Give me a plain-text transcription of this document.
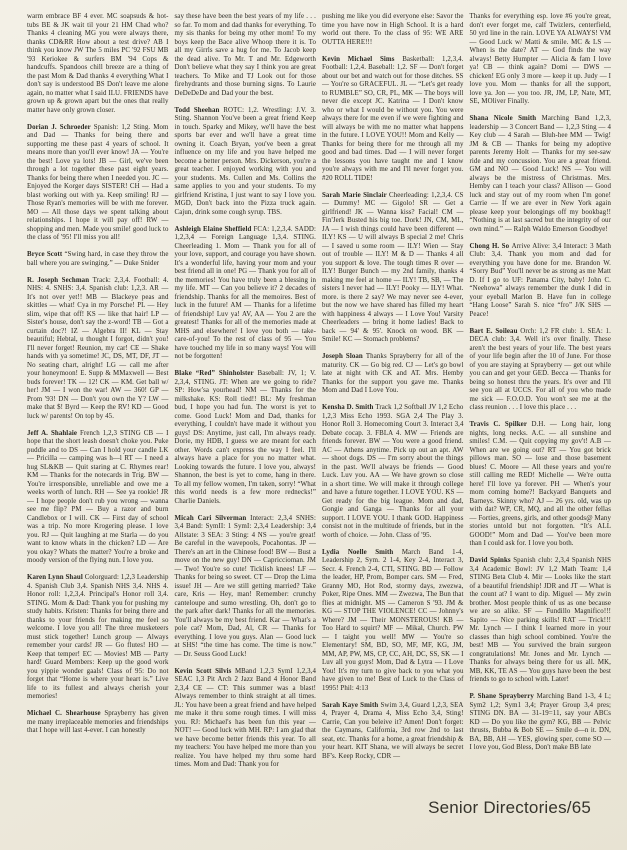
warm embrace BF 4 ever. MC soapsuds & hot-tubs BE & JK wait til your 21 HM Chad who? Thanks 4 cleaning MG you were always there, thanks CD&RR How about a test drive? AB I think you know JW The 5 miles PC '92 FSU MB '93 Keriokee & surfers BM '94 Cops & handcuffs. Spandoos chill breeze are a thing of the past Mom & Dad thanks 4 everything What I don't say is understood BS Don't leave me alone again, no matter what I said ILU. FRIENDS have grown up & grown apart but the ones that really matter have only grown closer.
Dorian J. Schroeder Spanish: 1,2 Sting. Mom and Dad — Thanks for being there and supporting me these past 4 years of school. It means more than you'll ever know! JA — You're the best! Love ya lots! JB — Girl, we've been through a lot together these past eight years. Thanks for being there when I needed you. JC — Enjoyed the Korger days SISTER! CH — Had a blast working out with ya. Keep smiling! RJ — Those Ryan's memories will be with me forever. MO — All those days we spent talking about relationships. I hope it will pay off! RW — shopping and men. Made you smile! good luck to the class of '95! I'll miss you all!
Bryce Scott “Swing hard, in case they throw the ball where you are swinging.” — Duke Snider
R. Joseph Sechman Track: 2,3,4. Football: 4. NHS: 4. SNHS: 3,4. Spanish club: 1,2,3. AR — It's not over yet!! MB — Blackeye peas and skittles — what! Cya in my Porsche! PL — Hey slim, wipe that off! KS — like that hair! LP — Sister's house, don't say the z-word! TB — Got a curtain doc?! IZ — Algebra II! KL — Stay beautiful; Hebtal, u thought I forgot, didn't you! I'll never forget! Reunion, my car! CE — Shake hands with ya sometime! JC, DS, MT, DF, JT — No seating chart, alright! LG — call me after your honeymoon! E. Supp & MMaxwell — Best buds forever! TK — 12! CK — KM. Get ball w/ her! JM — I won the war! AW — 360! GP — Prom '93! DN — Don't you own the Y? LW — make that $! Byrd — Keep the RV! KD — Good luck w/ parents! On top by 45.
Jeff A. Shahlaie French 1,2,3 STING CB — I hope that the short leash doesn't choke you. Puke puddle and to DS — Can I hold your candle LK — Pricilla — camping was h—l RT — I need a hug SL&KB — Quit staring at C. Rhymes rear! KM — Thanks for the notecards in Trig. BW — You're irresponsible, unreliable and owe me a weeks worth of lunch. RH — See ya rookie! JR — I hope people don't rub you wrong — wanna see me flip? PM — Buy a razor and burn Candlebox or I will. CK — First day of school was a trip. No more Krogering please. I love you. RJ — Quit laughing at me Starla — do you want to know whats in the chicken? LD — Are you okay? Whats the matter? You're a broke and moody version of the flying nun. I love you.
Karen Lynn Shaul Colorguard: 1,2,3 Leadership 4. Spanish Club 3,4. Spanish NHS 3,4. NHS 4. Honor roll: 1,2,3,4. Principal's Honor roll 3,4. STING. Mom & Dad: Thank you for pushing my study habits. Kristen: Thanks for being there and thanks to your friends for making me feel so welcome. I love you all! The three musketeers must stick together! Lunch group — Always remember your cards! JR — Go flutes! HO — Keep that temper! EC — Movies! MB — Party hard! Guard Members: Keep up the good work you yippie wonder gaals! Class of 95: Do not forget that “Home is where your heart is.” Live life to its fullest and always cherish your memories!
Michael C. Shearhouse Sprayberry has given me many irreplaceable memories and friendships that I hope will last 4-ever. I can honestly
say these have been the best years of my life . . . so far. To mom and dad thanks for everything. To my sis thanks for being my other mom! To my boys keep the Bace alive Whoop there it is. To all my Girrls save a hug for me. To Jacob keep the dead alive. To Mr. T and Mr. Edgeworth Don't believe what they say I think you are great teachers. To Mike and TJ Look out for those firehydrants and those burning signs. To Laurie DeDeDeDe and Dad your the best.
Todd Sheehan ROTC: 1,2. Wrestling: J.V. 3. Sting. Shannon You've been a great friend Keep in touch. Sparky and Mikey, we'll have the best sports bar ever and we'll have a great time owning it. Coach Bryan, you've been a great influence on my life and you have helped me become a better person. Mrs. Dickerson, you're a great teacher. I enjoyed working with you and your students. Ms. Cullen and Ms. Collins the same applies to you and your students. To my girlfriend Kristina, I just want to say I love you. MGD, Don't back into the Pizza truck again. Cajun, drink some cough syrup. TBS.
Ashleigh Elaine Sheffield FCA: 1,2,3,4. SADD: 1,2,3,4 — Foreign Language 1,3,4. STING. Cheerleading 1. Mom — Thank you for all of your love, support, and courage you have shown. It's a wonderful life, having your mom and your best friend all in one! PG — Thank you for all of the memories! You have truly been a blessing in my life. MT — Can you believe it? 2 decades of friendship. Thanks for all the memoires. Best of luck in the future! AM — Thanks for a lifetime of friendship! Luv ya! AV, AA — You 2 are the greatest! Thanks for all of the memories made at MHS and elsewhere! I love you both — take-care-of-you! To the rest of class of 95 — You have touched my life in so many ways! You will not be forgotten!
Blake “Red” Shinholster Baseball: JV, 1; V. 2,3,4, STING. JT: When are we going to ride? SP: How'sa yourhead! NM — Thanks for the milkshake. KS: Roll tied!! BL: My freshman bud, I hope you had fun. The worst is yet to come. Good Luck! Mom and Dad, thanks for everything, I couldn't have made it without you guys! DS: Anytime, just call, I'm always ready. Dorie, my HDB, I guess we are meant for each other. Words can't express the way I feel. I'll always have a place for you no matter what. Looking towards the future. I love you, always! Shannon, the best is yet to come, hang in there. To all my fellow women, I'm taken, sorry! “What this world needs is a few more rednecks!” Charlie Daniels.
Micah Cari Silverman Interact: 2,3,4 SNHS: 3,4 Band: SymII: 1 SymI: 2,3,4 Leadership: 3,4 Allstate: 3 SEA: 3 Sting: 4 NS — you're great! Be careful in the wavepools, Pocahontas. JP — There's an art in the Chinese food! BW — Bust a move on the new guy! DN — Capriccioman. JM — Two! You're so cute! Ticklish knees! LF — Thanks for being so sweet. CT — Drop the Lima issue! JH — Are we still getting married? Take care, Kris — Hey, man! Remember: crunchy canteloupe and sumo wrestling. Oh, don't go to the park after dark! Thanks for all the memories. You'll always be my best friend. Kar — What's a pole cat? Mom, Dad, Al, CR — Thanks for everything. I love you guys. Alan — Good luck at SHS! “the time has come. The time is now.” — Dr. Seuss Good Luck!
Kevin Scott Silvis MBand 1,2,3 SymI 1,2,3,4 SEAC 1,3 Pit Arch 2 Jazz Band 4 Honor Band 2,3,4 CE — CT: This summer was a blast! Always remember to think straight at all times. JL: You have been a great friend and have helped me make it thru some rough times. I will miss you. RJ: Michael's has been fun this year — NOT! — Good luck with MH. RP: I am glad that we have become better friends this year. To all my teachers: You have helped me more than you realize. You have helped my thru some hard times. Mom and Dad: Thank you for
pushing me like you did everyone else: Savor the time you have now in High School. It is a hard world out there. To the class of 95: WE ARE OUTTA HERE!!!
Kevin Michael Sims Basketball: 1,2,3,4. Football: 1,2,4. Baseball: 1,2. SF — Don't forget about our bet and watch out for those ditches. SS — You're so GRACEFUL. JL — “Let's get ready to RUMBLE” SO, CR, PL, MK — The boys will never die except JC. Katrina — I Don't know who or what I would be without you. You were always there for me even if we were fighting and will always be with me no matter what happens in the future. I LOVE YOU!! Mom and Kelly — Thanks for being there for me through all my good and bad times. Dad — I will never forget the lessons you have taught me and I know you're always with me and I'll never forget you. #20 ROLL TIDE!
Sarah Marie Sinclair Cheerleading: 1,2,3,4. CS — Dummy! MC — Gigolo! SR — Get a girlfriend! JK — Wanna kiss? Facial! CM — Fin'Jerk Busted his big toe. Dork! JN, CM, ML, JA — I wish things could have been different — ILY! KS — U will always B special 2 me! Chris — I saved u some room — ILY! Wien — Stay out of trouble — ILY! M & D — Thanks 4 all you support & love. The tough times R over — ILY! Burger Bunch — my 2nd family, thanks 4 making me feel at home — ILY! TB, SB, — The sisters I never had — ILY! Pooky — ILY! What. more. is there 2 say? We may never see 4-ever, but the now we have shared has filled my heart with happiness 4 always — I Love You! Varsity Cheerleaders — bring it home ladies! Back to back — 94' & 95'. Knock on wood. BK — Smile! KC — Stomach problems?
Joseph Sloan Thanks Sprayberry for all of the maturity. CK — Go big red. CJ — Let's go bowl late at night with CK and AT. Mrs. Hemby Thanks for the support you gave me. Thanks Mom and Dad I Love You.
Kensha D. Smith Track 1,2 Softball JV 1,2 Echo 1,2,3 Miss Echo 1993. SGA 2,4 The Play 3. Honor Roll 3. Homecoming Court 3. Interact 3,4 Debate cocap. 3. FBLA 4. MW — Friends are friends forever. BW — You were a good friend. AC — Athens anytime. Pick up out an apt. AW — shoot dogs. DS — I'm sorry about the things in the past. We'll always be friends — Good Luck. Luv you. AA — We have grown so close in a short time. We will make it through college and have a future together. I LOVE YOU. KS — Get ready for the big league. Mom and dad, Gongie and Ganga — Thanks for all your support. I LOVE YOU. I thank GOD. Happiness consist not in the multitude of friends, but in the worth of choice. — John. Class of '95.
Lydia Noelle Smith March Band 1-4, Leadership 2, Sym. 2 1-4, Key 2-4, Interact 3, Secr. 4. French 2-4, CTI, STING. BD — Follow the leader, HP, Prom, Bomper cars. SM — Fred, Granny MO, Hot Rod, stormy days, zwezwa, Poker, Ripe Ones. MM — Zwezwa, The Bun that flies at midnight. MS — Cameron S '93. JM & KG — STOP THE VIOLENCE! CC — Johnny's Where? JM — Their MONSTEROUS! KB — Too Hard to squirt? MF — Mikal, Church. PW — I taight you well! MW — You're so Elementary! SM, BD, SO, MF, MF, KG, JM, MM, AP, PW, MS, CP, CC, AH, DC, SS, SK — I Luv all you guys! Mom, Dad & Lytra — I Love You! It's my turn to give back to you what you have given to me! Best of Luck to the Class of 1995! Phil: 4:13
Sarah Kaye Smith Swim 3,4, Guard 1,2,3, SEA 4, Prayer 4, Drama 4, Miss Echo 3,4, Sting! Carrie, Can you beleive it? Amen! Don't forget: the Caymans, California, 3rd row 2nd to last seat, etc. Thanks for a home, a great friendship & your heart. KIT Shana, we will always be secret BF's. Keep Rocky, CDR —
Thanks for everything esp. love #6 you're great, don't ever forget me, calf Twizlers, centerfield, 50 yrd line in the rain. LOVE YA ALWAYS! VM — Good Luck w/ Matti & smile. MC & LS — When is the date? AT — God finds the way always! Betty Humpter — Alicia & fam I love ya! CB — think again? Domi — DWS — chicken! EG only 3 more — keep it up. Judy — I love you. Mom — thanks for all the support, love ya. Jon — you too. JR, JM, LP, Nate, MT, SE, MOliver Finally.
Shana Nicole Smith Marching Band 1,2,3, leadership — 3 Concert Band — 1,2,3 Sting — 4 Key club — 4 Sarah — Bluh-hee MM — Twig! JM & CB — Thanks for being my adoptive parents Jeremy Holt — Thanks for my see-saw ride and my concussion. You are a great friend. GM and NO — Good Luck! NS — You will always be the mistress of Christmas. Mrs. Hemby can I teach your class? Allison — Good luck and stay out of my room when I'm gone! Carrie — If we are ever in New York again please keep your belongings off my bookbag!! “Nothing is at last sacred but the integrity of our own mind.” — Ralph Waldo Emerson Goodbye!
Chong H. So Arrive Alive: 3,4 Interact: 3 Math Club: 3,4. Thank you mom and dad for everything you have done for me. Brandon W. “Sorry Bud” You'll never be as strong as me Matt D. If I go to UF: Panama City, baby! John C. “Neehowa” always remember the dunk I did in your eyeball Marlon B. Have fun in college “Hang Loose” Sarah S. nice “fro” J/K SHS — Peace!
Bart E. Soileau Orch: 1,2 FR club: 1. SEA: 1. DECA club: 3,4. Well it's over finally. These aren't the best years of your life. The best years of your life begin after the 10 of June. For those of you are staying at Sprayberry — get out while you can and get your GED. Becca — Thanks for being so honest thru the years. It's over and I'll see you all at UCCS. For all of you who made me sick — F.O.O.D. You won't see me at the class reunion . . . I love this place . . .
Travis C. Spilker D.H. — Long hair, long nights, long necks. A.C. — all sunshine and smiles! C.M. — Quit copying my gov't! A.B — When are we going out? RT — You got brick pillows man. SO — lose and those basement blues! C. Moore — All these years and you're still calling me RED! Michelle — We're outta here! I'll love ya forever. PH — When's your mom coming home?! Backyard Banquets and Barneys. Skinny who? AJ — 26 yrs. old, was up with dat? WP, CR, MQ, and all the other fellas — Forties, greens, girls, and other goods@ Many stories untold but not forgotten. “It's ALL GOOD!” Mom and Dad — You've been more than I could ask for. I love you both.
David Spinks Spanish club: 2,3,4 Spanish NHS 3,4 Academic Bowl: JV 1,2 Math Team: 1,4 STING Beta Club 4. Mir — Looks like the start of a beautiful friendship! JDR and JT — What is the count at? I want to dip. Miguel — My zwin brother. Most people think of us as one because we are so alike. SF — Fundillo Magnifico!!! Sapito — Nice parking skills! RAT — Trick!!! Mr. Lynch — I think I learned more in your classes than high school combined. You're the best! MB — You survived the brain surgeon congratulations! Mr. Jones and Mr. Lynch — Thanks for always being there for us all. MK, MB, KK, TE AS — You guys have been the best friends to go to school with. Later!
P. Shane Sprayberry Marching Band 1-3, 4 L; Sym2 1,2; Sym1 3,4; Prayer Group 3,4 pres; STING DN. BA — 31-19=11, say your ABCs KD — Do you like the gym? KG, BB — Pelvic thrusts, Bubba & Bob SE — Smile d—n it. DN, BA, BB, AH — YES, glowing sper, come SO — I love you, God Bless, Don't make BB late
Senior Directories/65
